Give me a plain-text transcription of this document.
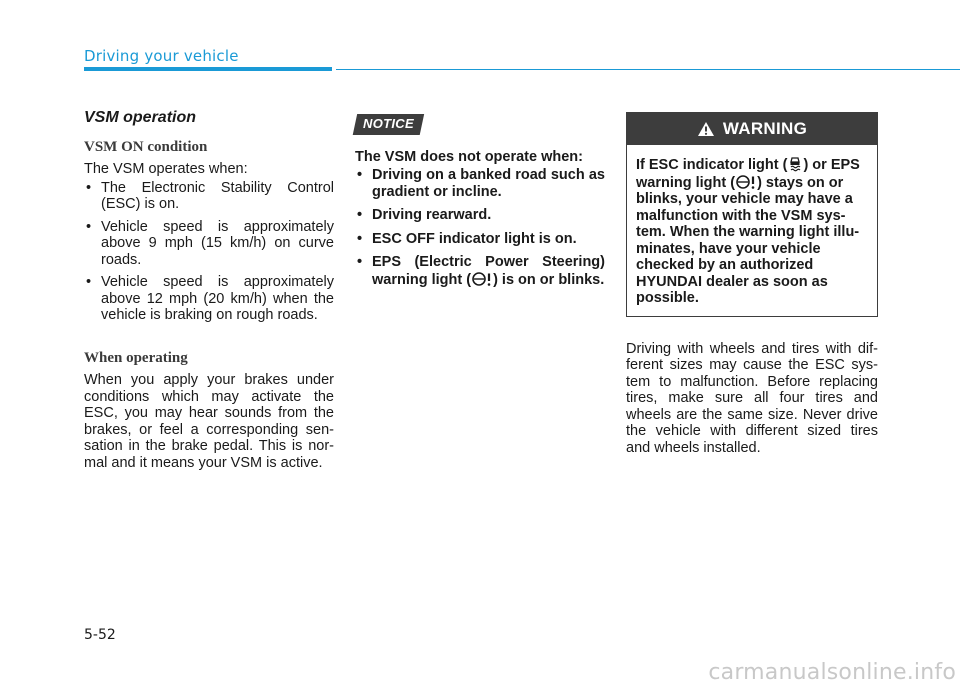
Driving your vehicle
VSM operation
VSM ON condition

The VSM operates when:

• The Electronic Stability Control (ESC) is on.
• Vehicle speed is approximately above 9 mph (15 km/h) on curve roads.
• Vehicle speed is approximately above 12 mph (20 km/h) when the vehicle is braking on rough roads.
When operating

When you apply your brakes under conditions which may activate the ESC, you may hear sounds from the brakes, or feel a corresponding sen- sation in the brake pedal. This is nor- mal and it means your VSM is active.

NOTICE

The VSM does not operate when:

• Driving on a banked road such as gradient or incline.
• Driving rearward.
• ESC OFF indicator light is on.
• EPS (Electric Power Steering) warning light ( ) is on or blinks.
WARNING
If ESC indicator light ( ) or EPS warning light ( ) stays on or blinks, your vehicle may have a malfunction with the VSM sys- tem. When the warning light illu- minates, have your vehicle checked by an authorized HYUNDAI dealer as soon as possible.

Driving with wheels and tires with dif- ferent sizes may cause the ESC sys- tem to malfunction. Before replacing tires, make sure all four tires and wheels are the same size. Never drive the vehicle with different sized tires and wheels installed.

5-52
carmanualsonline.info
